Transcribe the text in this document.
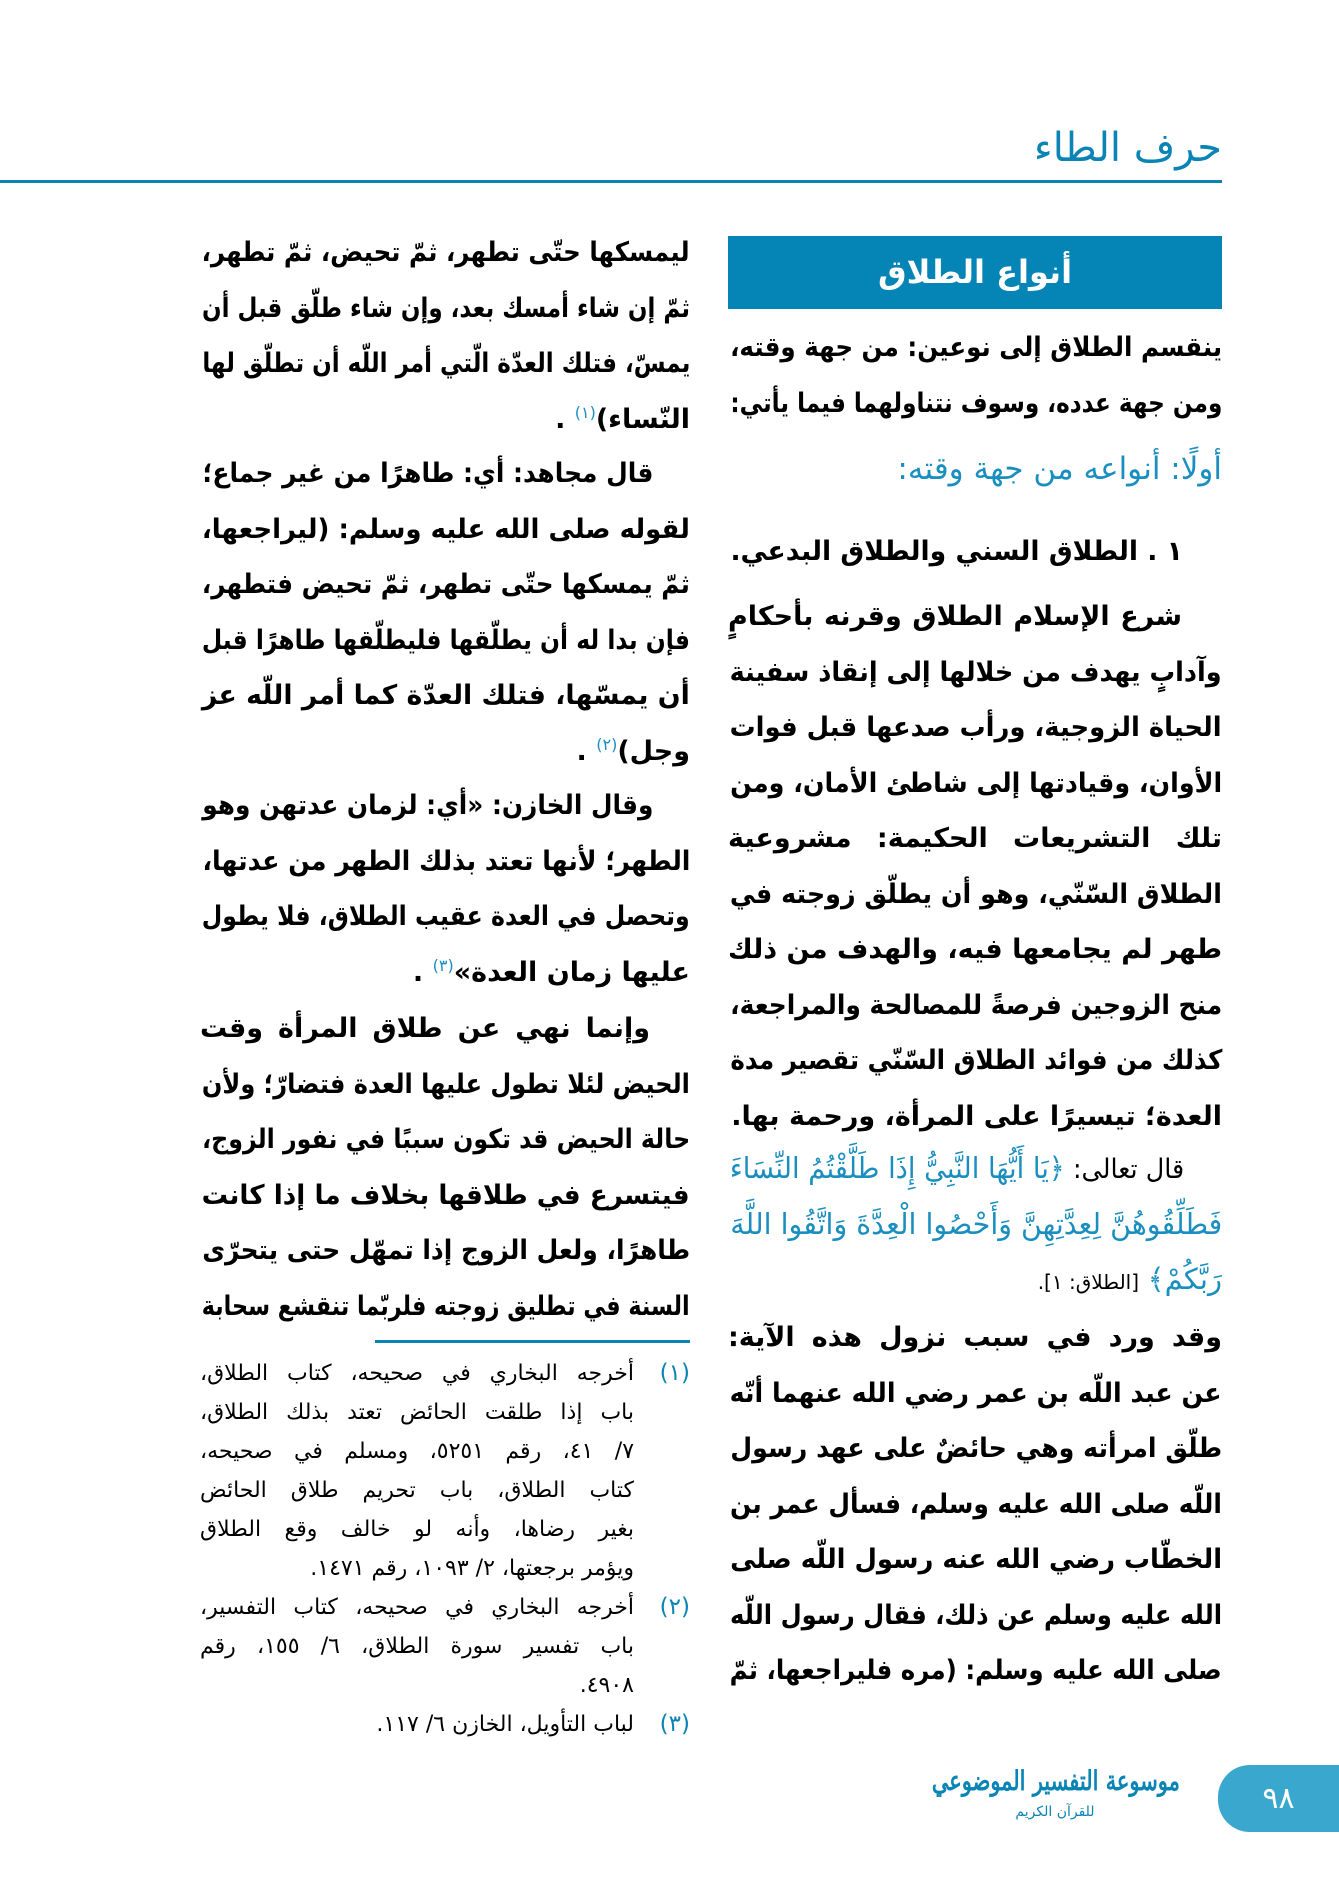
حرف الطاء
أنواع الطلاق
ينقسم الطلاق إلى نوعين: من جهة وقته،
ومن جهة عدده، وسوف نتناولهما فيما يأتي:
أولًا: أنواعه من جهة وقته:
١ . الطلاق السني والطلاق البدعي.
شرع الإسلام الطلاق وقرنه بأحكامٍ
وآدابٍ يهدف من خلالها إلى إنقاذ سفينة
الحياة الزوجية، ورأب صدعها قبل فوات
الأوان، وقيادتها إلى شاطئ الأمان، ومن
تلك التشريعات الحكيمة: مشروعية
الطلاق السّنّي، وهو أن يطلّق زوجته في
طهر لم يجامعها فيه، والهدف من ذلك
منح الزوجين فرصةً للمصالحة والمراجعة،
كذلك من فوائد الطلاق السّنّي تقصير مدة
العدة؛ تيسيرًا على المرأة، ورحمة بها.
قال تعالى: ﴿يَا أَيُّهَا النَّبِيُّ إِذَا طَلَّقْتُمُ النِّسَاءَ
فَطَلِّقُوهُنَّ لِعِدَّتِهِنَّ وَأَحْصُوا الْعِدَّةَ وَاتَّقُوا اللَّهَ
رَبَّكُمْ﴾ [الطلاق: ١].
وقد ورد في سبب نزول هذه الآية:
عن عبد اللّه بن عمر رضي الله عنهما أنّه
طلّق امرأته وهي حائضٌ على عهد رسول
اللّه صلى الله عليه وسلم، فسأل عمر بن
الخطّاب رضي الله عنه رسول اللّه صلى
الله عليه وسلم عن ذلك، فقال رسول اللّه
صلى الله عليه وسلم: (مره فليراجعها، ثمّ
ليمسكها حتّى تطهر، ثمّ تحيض، ثمّ تطهر،
ثمّ إن شاء أمسك بعد، وإن شاء طلّق قبل أن
يمسّ، فتلك العدّة الّتي أمر اللّه أن تطلّق لها
النّساء)$^{(١)}$ .
قال مجاهد: أي: طاهرًا من غير جماع؛
لقوله صلى الله عليه وسلم: (ليراجعها،
ثمّ يمسكها حتّى تطهر، ثمّ تحيض فتطهر،
فإن بدا له أن يطلّقها فليطلّقها طاهرًا قبل
أن يمسّها، فتلك العدّة كما أمر اللّه عز
وجل)$^{(٢)}$ .
وقال الخازن: «أي: لزمان عدتهن وهو
الطهر؛ لأنها تعتد بذلك الطهر من عدتها،
وتحصل في العدة عقيب الطلاق، فلا يطول
عليها زمان العدة»$^{(٣)}$ .
وإنما نهي عن طلاق المرأة وقت
الحيض لئلا تطول عليها العدة فتضارّ؛ ولأن
حالة الحيض قد تكون سببًا في نفور الزوج،
فيتسرع في طلاقها بخلاف ما إذا كانت
طاهرًا، ولعل الزوج إذا تمهّل حتى يتحرّى
السنة في تطليق زوجته فلربّما تنقشع سحابة
(١)
أخرجه البخاري في صحيحه، كتاب الطلاق،
باب إذا طلقت الحائض تعتد بذلك الطلاق،
٧/ ٤١، رقم ٥٢٥١، ومسلم في صحيحه،
كتاب الطلاق، باب تحريم طلاق الحائض
بغير رضاها، وأنه لو خالف وقع الطلاق
ويؤمر برجعتها، ٢/ ١٠٩٣، رقم ١٤٧١.
(٢)
أخرجه البخاري في صحيحه، كتاب التفسير،
باب تفسير سورة الطلاق، ٦/ ١٥٥، رقم
٤٩٠٨.
(٣)
لباب التأويل، الخازن ٦/ ١١٧.
موسوعة التفسير الموضوعي
للقرآن الكريم	٩٨
